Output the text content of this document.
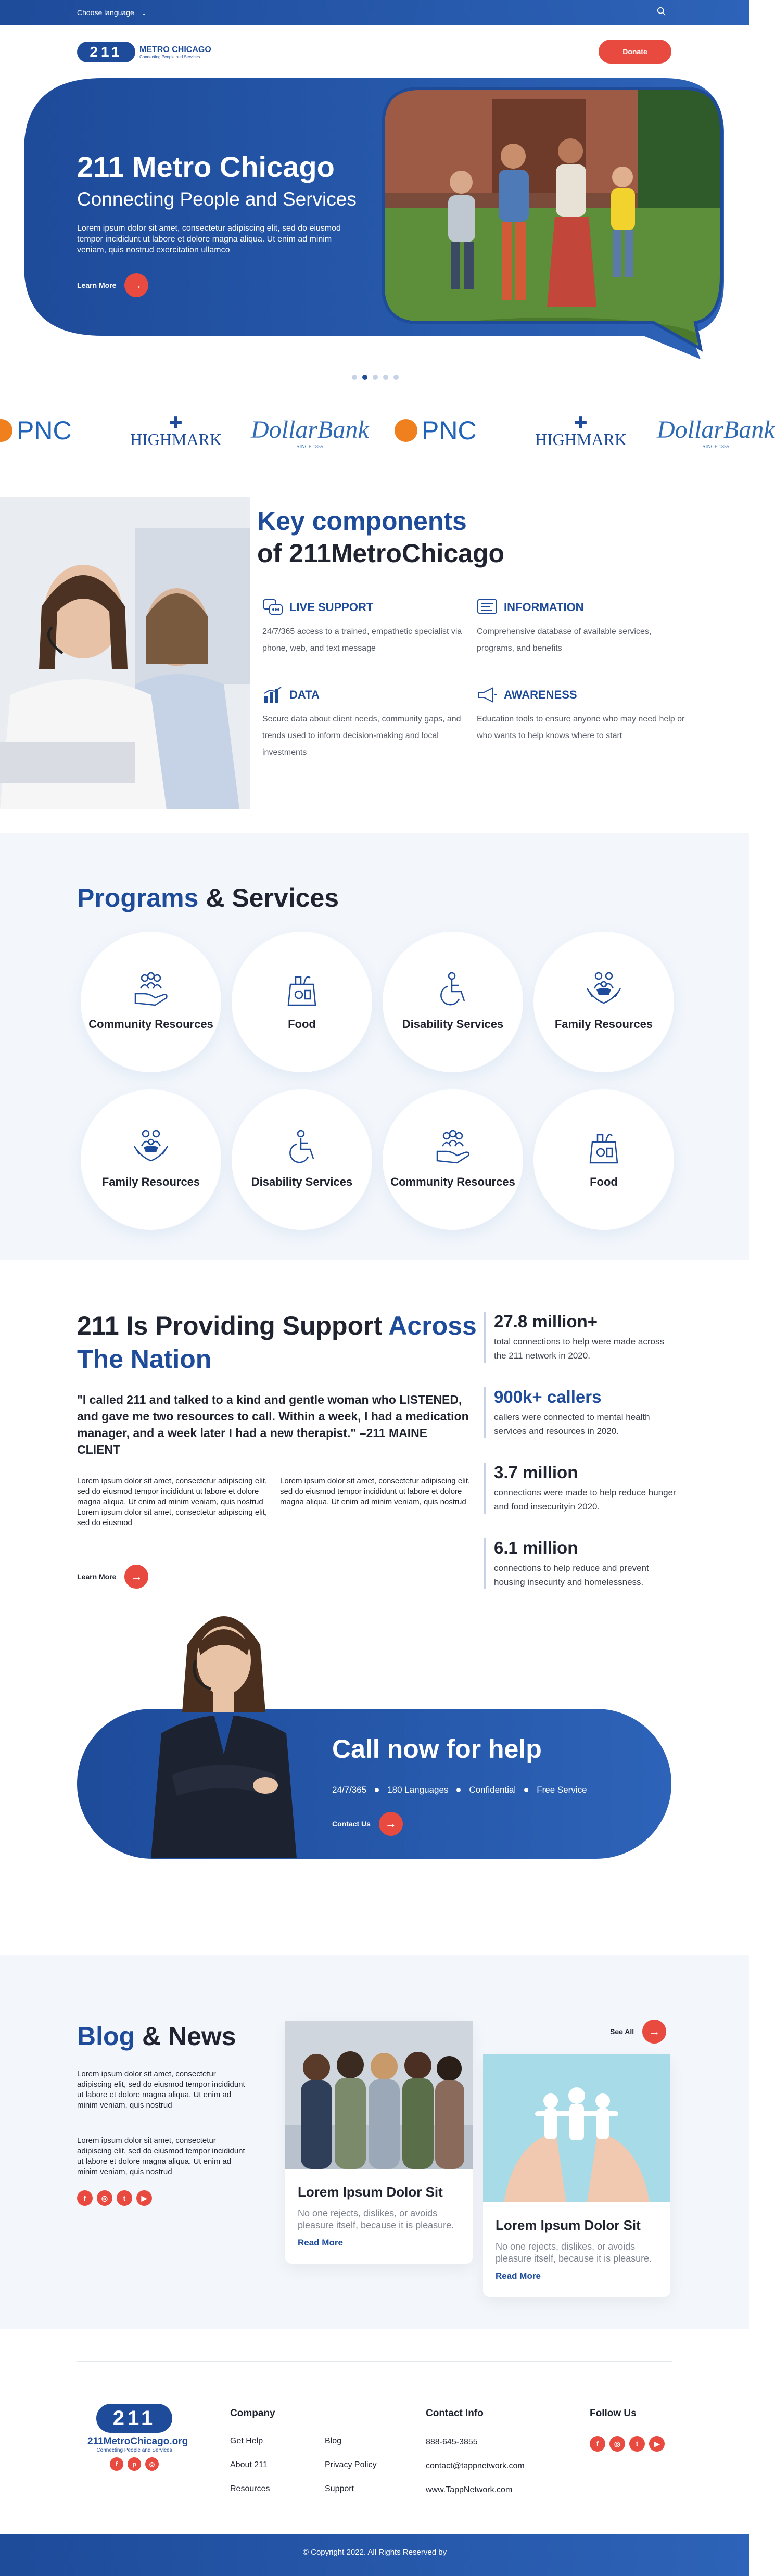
Choose language ⌄
211	METRO CHICAGO
Connecting People and Services
Donate
211 Metro Chicago
Connecting People and Services

Lorem ipsum dolor sit amet, consectetur adipiscing elit, sed do eiusmod tempor incididunt ut labore et dolore magna aliqua. Ut enim ad minim veniam, quis nostrud exercitation ullamco

Learn More	→
PNC	✚
HIGHMARK DollarBank
SINCE 1855
PNC	✚
HIGHMARK DollarBank
SINCE 1855
Key components
of 211MetroChicago
LIVE SUPPORT

24/7/365 access to a trained, empathetic specialist via phone, web, and text message

INFORMATION

Comprehensive database of available services, programs, and benefits

DATA

Secure data about client needs, community gaps, and trends used to inform decision-making and local investments

AWARENESS

Education tools to ensure anyone who may need help or who wants to help knows where to start

Programs & Services
Community Resources	Food	Disability Services	Family Resources
Family Resources	Disability Services	Community Resources	Food
211 Is Providing Support Across The Nation
"I called 211 and talked to a kind and gentle woman who LISTENED, and gave me two resources to call. Within a week, I had a medication manager, and a week later I had a new therapist." –211 MAINE CLIENT
Lorem ipsum dolor sit amet, consectetur adipiscing elit, sed do eiusmod tempor incididunt ut labore et dolore magna aliqua. Ut enim ad minim veniam, quis nostrud Lorem ipsum dolor sit amet, consectetur adipiscing elit, sed do eiusmod
Lorem ipsum dolor sit amet, consectetur adipiscing elit, sed do eiusmod tempor incididunt ut labore et dolore magna aliqua. Ut enim ad minim veniam, quis nostrud
Learn More	→
27.8 million+

total connections to help were made across the 211 network in 2020.

900k+ callers

callers were connected to mental health services and resources in 2020.

3.7 million

connections were made to help reduce hunger and food insecurityin 2020.

6.1 million

connections to help reduce and prevent housing insecurity and homelessness.

Call now for help
24/7/365 180 Languages Confidential Free Service
Contact Us	→
Blog & News
Lorem ipsum dolor sit amet, consectetur adipiscing elit, sed do eiusmod tempor incididunt ut labore et dolore magna aliqua. Ut enim ad minim veniam, quis nostrud
Lorem ipsum dolor sit amet, consectetur adipiscing elit, sed do eiusmod tempor incididunt ut labore et dolore magna aliqua. Ut enim ad minim veniam, quis nostrud
f	◎	t	▶
See All	→
Lorem Ipsum Dolor Sit

No one rejects, dislikes, or avoids pleasure itself, because it is pleasure.

Read More
Lorem Ipsum Dolor Sit

No one rejects, dislikes, or avoids pleasure itself, because it is pleasure.

Read More
211
211MetroChicago.org
Connecting People and Services
f	p	◎
Company
Get Help
About 211
Resources
Blog
Privacy Policy
Support
Contact Info
888-645-3855
contact@tappnetwork.com
www.TappNetwork.com
Follow Us
f	◎	t	▶
© Copyright 2022. All Rights Reserved by
